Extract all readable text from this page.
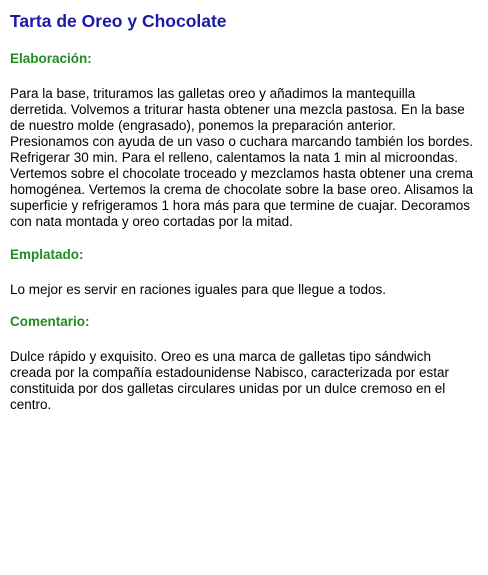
Tarta de Oreo y Chocolate
Elaboración:

Para la base, trituramos las galletas oreo y añadimos la mantequilla derretida. Volvemos a triturar hasta obtener una mezcla pastosa. En la base de nuestro molde (engrasado), ponemos la preparación anterior. Presionamos con ayuda de un vaso o cuchara marcando también los bordes. Refrigerar 30 min. Para el relleno, calentamos la nata 1 min al microondas. Vertemos sobre el chocolate troceado y mezclamos hasta obtener una crema homogénea. Vertemos la crema de chocolate sobre la base oreo. Alisamos la superficie y refrigeramos 1 hora más para que termine de cuajar. Decoramos con nata montada y oreo cortadas por la mitad.

Emplatado:

Lo mejor es servir en raciones iguales para que llegue a todos.

Comentario:

Dulce rápido y exquisito. Oreo es una marca de galletas tipo sándwich creada por la compañía estadounidense Nabisco, caracterizada por estar constituida por dos galletas circulares unidas por un dulce cremoso en el centro.
